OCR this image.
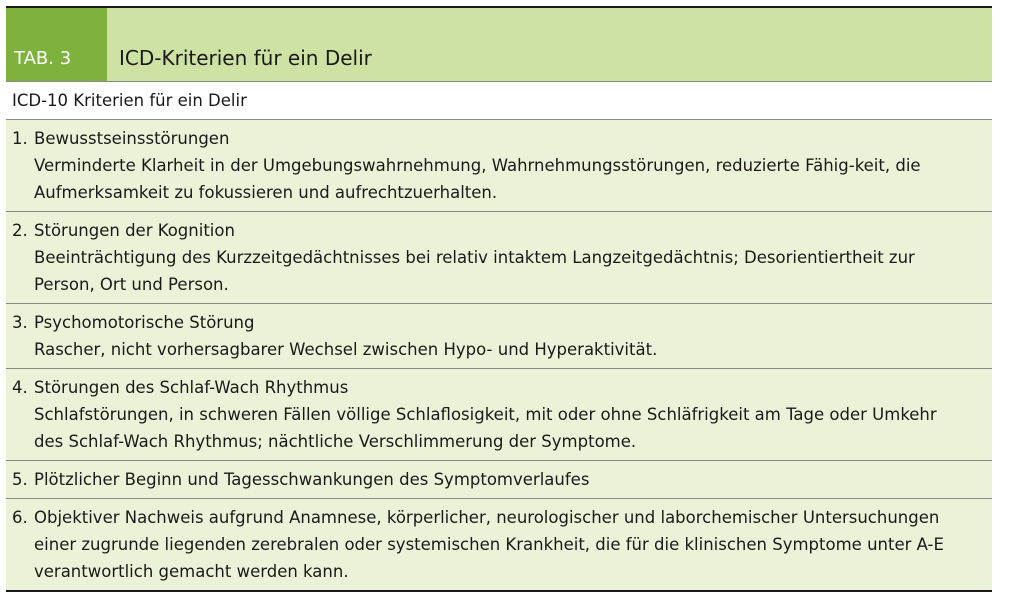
TAB. 3	ICD-Kriterien für ein Delir
ICD-10 Kriterien für ein Delir
1. Bewusstseinsstörungen
Verminderte Klarheit in der Umgebungswahrnehmung, Wahrnehmungsstörungen, reduzierte Fähig-keit, die Aufmerksamkeit zu fokussieren und aufrechtzuerhalten.
2. Störungen der Kognition
Beeinträchtigung des Kurzzeitgedächtnisses bei relativ intaktem Langzeitgedächtnis; Desorientiertheit zur Person, Ort und Person.
3. Psychomotorische Störung
Rascher, nicht vorhersagbarer Wechsel zwischen Hypo- und Hyperaktivität.
4. Störungen des Schlaf-Wach Rhythmus
Schlafstörungen, in schweren Fällen völlige Schlaflosigkeit, mit oder ohne Schläfrigkeit am Tage oder Umkehr des Schlaf-Wach Rhythmus; nächtliche Verschlimmerung der Symptome.
5. Plötzlicher Beginn und Tagesschwankungen des Symptomverlaufes
6. Objektiver Nachweis aufgrund Anamnese, körperlicher, neurologischer und laborchemischer Untersuchungen einer zugrunde liegenden zerebralen oder systemischen Krankheit, die für die klinischen Symptome unter A-E verantwortlich gemacht werden kann.
